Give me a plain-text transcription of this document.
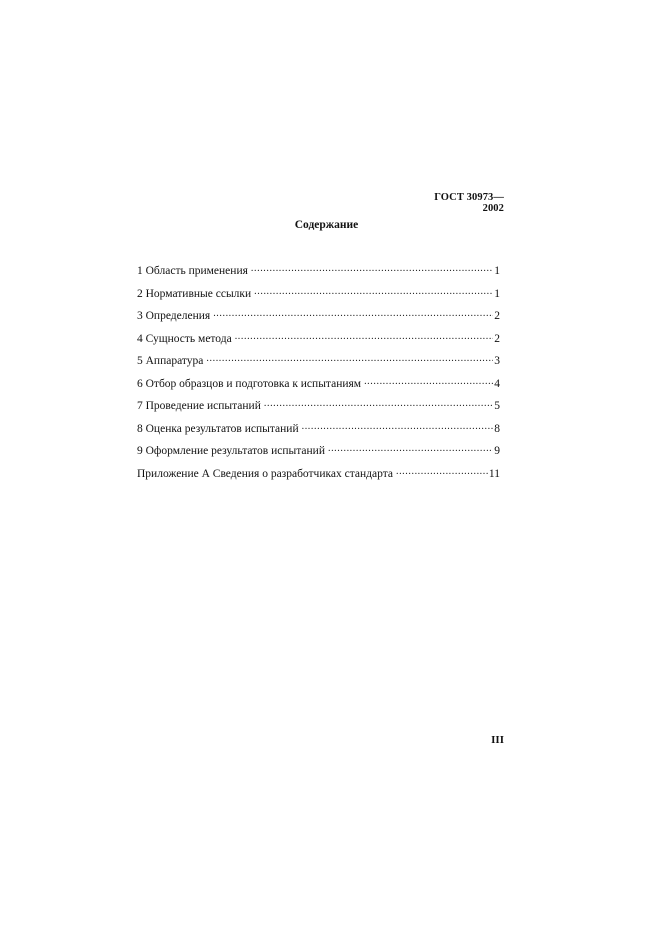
ГОСТ 30973—2002
Содержание
1 Область применения .....	1
2 Нормативные ссылки .....	1
3 Определения .....	2
4 Сущность метода .....	2
5 Аппаратура .....	3
6 Отбор образцов и подготовка к испытаниям .....	4
7 Проведение испытаний .....	5
8 Оценка результатов испытаний .....	8
9 Оформление результатов испытаний .....	9
Приложение А Сведения о разработчиках стандарта .....	11
III
